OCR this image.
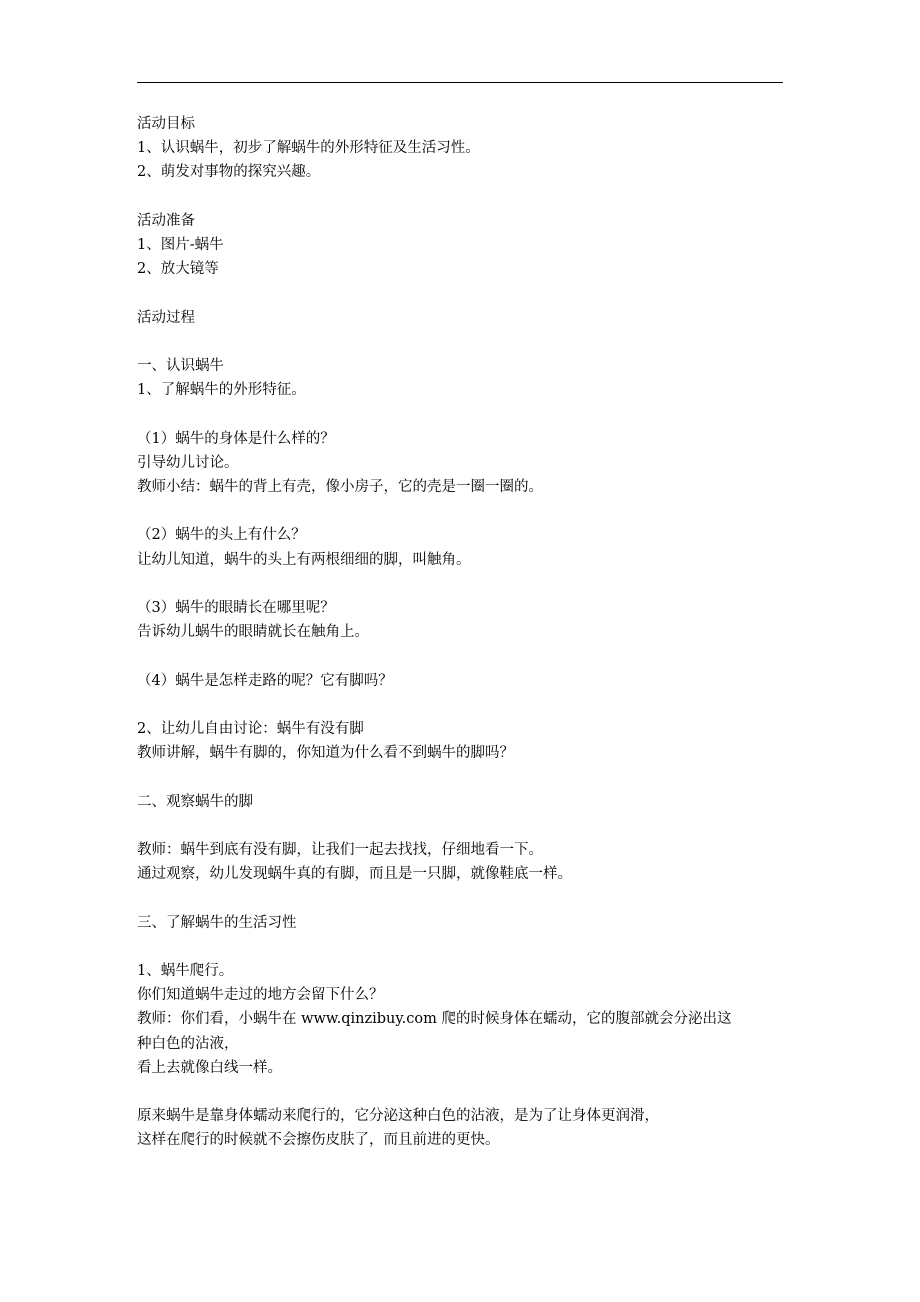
活动目标
1、认识蜗牛，初步了解蜗牛的外形特征及生活习性。
2、萌发对事物的探究兴趣。
活动准备
1、图片-蜗牛
2、放大镜等
活动过程
一、认识蜗牛
1、了解蜗牛的外形特征。
（1）蜗牛的身体是什么样的？
引导幼儿讨论。
教师小结：蜗牛的背上有壳，像小房子，它的壳是一圈一圈的。
（2）蜗牛的头上有什么？
让幼儿知道，蜗牛的头上有两根细细的脚，叫触角。
（3）蜗牛的眼睛长在哪里呢？
告诉幼儿蜗牛的眼睛就长在触角上。
（4）蜗牛是怎样走路的呢？它有脚吗？
2、让幼儿自由讨论：蜗牛有没有脚
教师讲解，蜗牛有脚的，你知道为什么看不到蜗牛的脚吗？
二、观察蜗牛的脚
教师：蜗牛到底有没有脚，让我们一起去找找，仔细地看一下。
通过观察，幼儿发现蜗牛真的有脚，而且是一只脚，就像鞋底一样。
三、了解蜗牛的生活习性
1、蜗牛爬行。
你们知道蜗牛走过的地方会留下什么？
教师：你们看，小蜗牛在 www.qinzibuy.com 爬的时候身体在蠕动，它的腹部就会分泌出这
种白色的沾液，
看上去就像白线一样。
原来蜗牛是靠身体蠕动来爬行的，它分泌这种白色的沾液，是为了让身体更润滑，
这样在爬行的时候就不会擦伤皮肤了，而且前进的更快。
